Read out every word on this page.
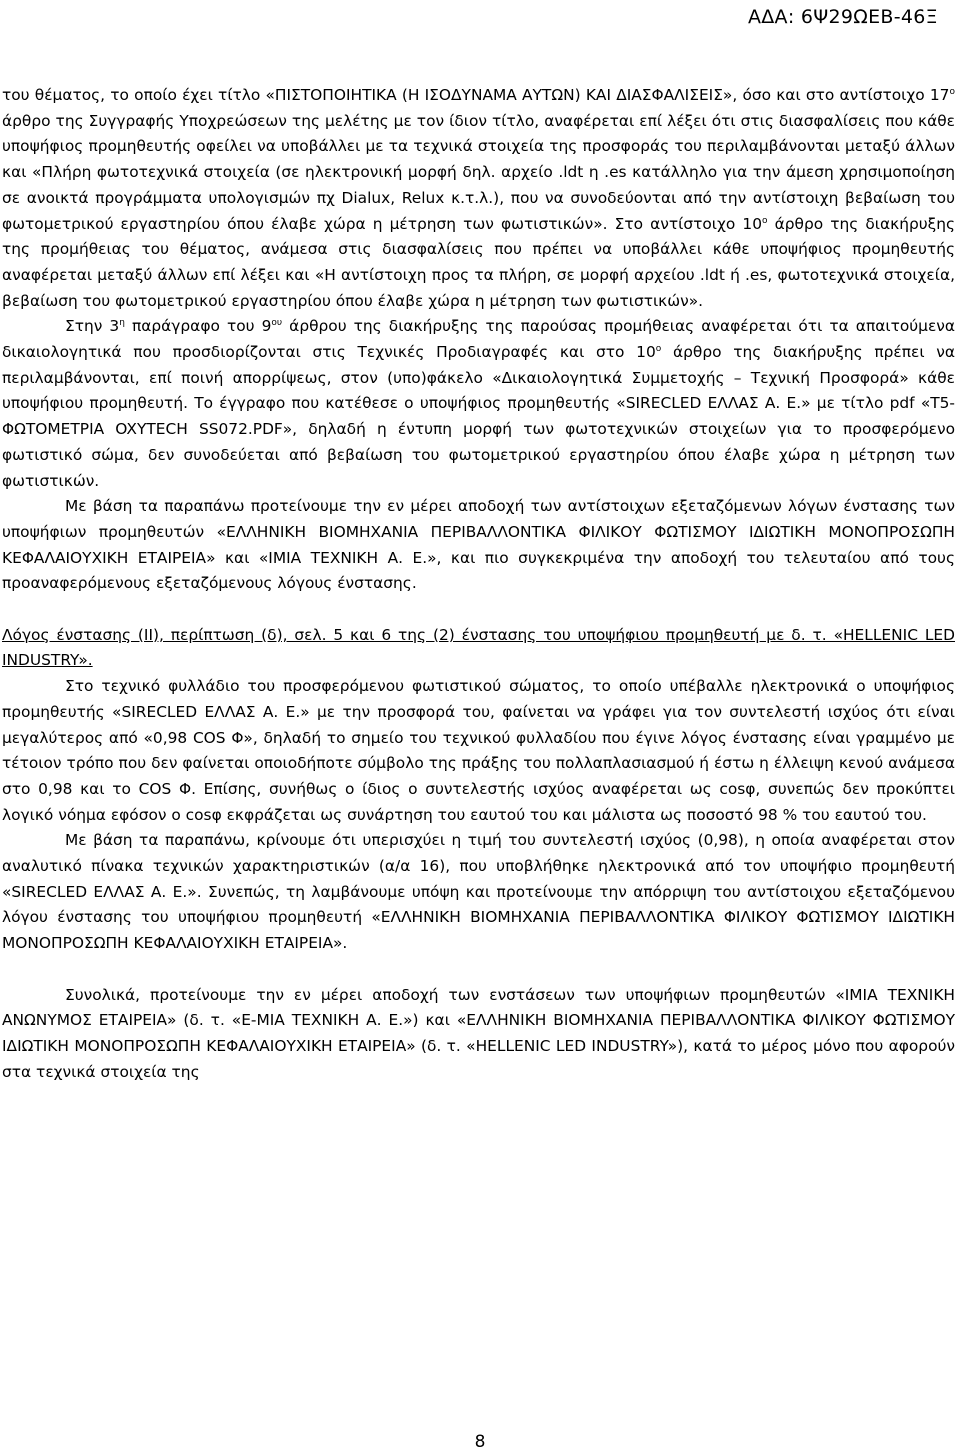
ΑΔΑ: 6Ψ29ΩΕΒ-46Ξ

του θέματος, το οποίο έχει τίτλο «ΠΙΣΤΟΠΟΙΗΤΙΚΑ (Η ΙΣΟΔΥΝΑΜΑ ΑΥΤΩΝ) ΚΑΙ ΔΙΑΣΦΑΛΙΣΕΙΣ», όσο και στο αντίστοιχο $17^o$ άρθρο της Συγγραφής Υποχρεώσεων της μελέτης με τον ίδιον τίτλο, αναφέρεται επί λέξει ότι στις διασφαλίσεις που κάθε υποψήφιος προμηθευτής οφείλει να υποβάλλει με τα τεχνικά στοιχεία της προσφοράς του περιλαμβάνονται μεταξύ άλλων και «Πλήρη φωτοτεχνικά στοιχεία (σε ηλεκτρονική μορφή δηλ. αρχείο .ldt η .es κατάλληλο για την άμεση χρησιμοποίηση σε ανοικτά προγράμματα υπολογισμών πχ Dialux, Relux κ.τ.λ.), που να συνοδεύονται από την αντίστοιχη βεβαίωση του φωτομετρικού εργαστηρίου όπου έλαβε χώρα η μέτρηση των φωτιστικών». Στο αντίστοιχο $10^o$ άρθρο της διακήρυξης της προμήθειας του θέματος, ανάμεσα στις διασφαλίσεις που πρέπει να υποβάλλει κάθε υποψήφιος προμηθευτής αναφέρεται μεταξύ άλλων επί λέξει και «Η αντίστοιχη προς τα πλήρη, σε μορφή αρχείου .ldt ή .es, φωτοτεχνικά στοιχεία, βεβαίωση του φωτομετρικού εργαστηρίου όπου έλαβε χώρα η μέτρηση των φωτιστικών».

Στην $3^\eta$ παράγραφο του $9^{o\upsilon}$ άρθρου της διακήρυξης της παρούσας προμήθειας αναφέρεται ότι τα απαιτούμενα δικαιολογητικά που προσδιορίζονται στις Τεχνικές Προδιαγραφές και στο $10^o$ άρθρο της διακήρυξης πρέπει να περιλαμβάνονται, επί ποινή απορρίψεως, στον (υπο)φάκελο «Δικαιολογητικά Συμμετοχής – Τεχνική Προσφορά» κάθε υποψήφιου προμηθευτή. Το έγγραφο που κατέθεσε ο υποψήφιος προμηθευτής «SIRECLED ΕΛΛΑΣ Α. Ε.» με τίτλο pdf «Τ5-ΦΩΤΟΜΕΤΡΙΑ OXYTECH SS072.PDF», δηλαδή η έντυπη μορφή των φωτοτεχνικών στοιχείων για το προσφερόμενο φωτιστικό σώμα, δεν συνοδεύεται από βεβαίωση του φωτομετρικού εργαστηρίου όπου έλαβε χώρα η μέτρηση των φωτιστικών.

Με βάση τα παραπάνω προτείνουμε την εν μέρει αποδοχή των αντίστοιχων εξεταζόμενων λόγων ένστασης των υποψήφιων προμηθευτών «ΕΛΛΗΝΙΚΗ ΒΙΟΜΗΧΑΝΙΑ ΠΕΡΙΒΑΛΛΟΝΤΙΚΑ ΦΙΛΙΚΟΥ ΦΩΤΙΣΜΟΥ ΙΔΙΩΤΙΚΗ ΜΟΝΟΠΡΟΣΩΠΗ ΚΕΦΑΛΑΙΟΥΧΙΚΗ ΕΤΑΙΡΕΙΑ» και «ΙΜΙΑ ΤΕΧΝΙΚΗ Α. Ε.», και πιο συγκεκριμένα την αποδοχή του τελευταίου από τους προαναφερόμενους εξεταζόμενους λόγους ένστασης.

Λόγος ένστασης (ΙΙ), περίπτωση (δ), σελ. 5 και 6 της (2) ένστασης του υποψήφιου προμηθευτή με δ. τ. «HELLENIC LED INDUSTRY».

Στο τεχνικό φυλλάδιο του προσφερόμενου φωτιστικού σώματος, το οποίο υπέβαλλε ηλεκτρονικά ο υποψήφιος προμηθευτής «SIRECLED ΕΛΛΑΣ Α. Ε.» με την προσφορά του, φαίνεται να γράφει για τον συντελεστή ισχύος ότι είναι μεγαλύτερος από «0,98 COS Φ», δηλαδή το σημείο του τεχνικού φυλλαδίου που έγινε λόγος ένστασης είναι γραμμένο με τέτοιον τρόπο που δεν φαίνεται οποιοδήποτε σύμβολο της πράξης του πολλαπλασιασμού ή έστω η έλλειψη κενού ανάμεσα στο 0,98 και το COS Φ. Επίσης, συνήθως ο ίδιος ο συντελεστής ισχύος αναφέρεται ως cosφ, συνεπώς δεν προκύπτει λογικό νόημα εφόσον ο cosφ εκφράζεται ως συνάρτηση του εαυτού του και μάλιστα ως ποσοστό 98 % του εαυτού του.

Με βάση τα παραπάνω, κρίνουμε ότι υπερισχύει η τιμή του συντελεστή ισχύος (0,98), η οποία αναφέρεται στον αναλυτικό πίνακα τεχνικών χαρακτηριστικών (α/α 16), που υποβλήθηκε ηλεκτρονικά από τον υποψήφιο προμηθευτή «SIRECLED ΕΛΛΑΣ Α. Ε.». Συνεπώς, τη λαμβάνουμε υπόψη και προτείνουμε την απόρριψη του αντίστοιχου εξεταζόμενου λόγου ένστασης του υποψήφιου προμηθευτή «ΕΛΛΗΝΙΚΗ ΒΙΟΜΗΧΑΝΙΑ ΠΕΡΙΒΑΛΛΟΝΤΙΚΑ ΦΙΛΙΚΟΥ ΦΩΤΙΣΜΟΥ ΙΔΙΩΤΙΚΗ ΜΟΝΟΠΡΟΣΩΠΗ ΚΕΦΑΛΑΙΟΥΧΙΚΗ ΕΤΑΙΡΕΙΑ».

Συνολικά, προτείνουμε την εν μέρει αποδοχή των ενστάσεων των υποψήφιων προμηθευτών «ΙΜΙΑ ΤΕΧΝΙΚΗ ΑΝΩΝΥΜΟΣ ΕΤΑΙΡΕΙΑ» (δ. τ. «Ε-ΜΙΑ ΤΕΧΝΙΚΗ Α. Ε.») και «ΕΛΛΗΝΙΚΗ ΒΙΟΜΗΧΑΝΙΑ ΠΕΡΙΒΑΛΛΟΝΤΙΚΑ ΦΙΛΙΚΟΥ ΦΩΤΙΣΜΟΥ ΙΔΙΩΤΙΚΗ ΜΟΝΟΠΡΟΣΩΠΗ ΚΕΦΑΛΑΙΟΥΧΙΚΗ ΕΤΑΙΡΕΙΑ» (δ. τ. «HELLENIC LED INDUSTRY»), κατά το μέρος μόνο που αφορούν στα τεχνικά στοιχεία της

8
